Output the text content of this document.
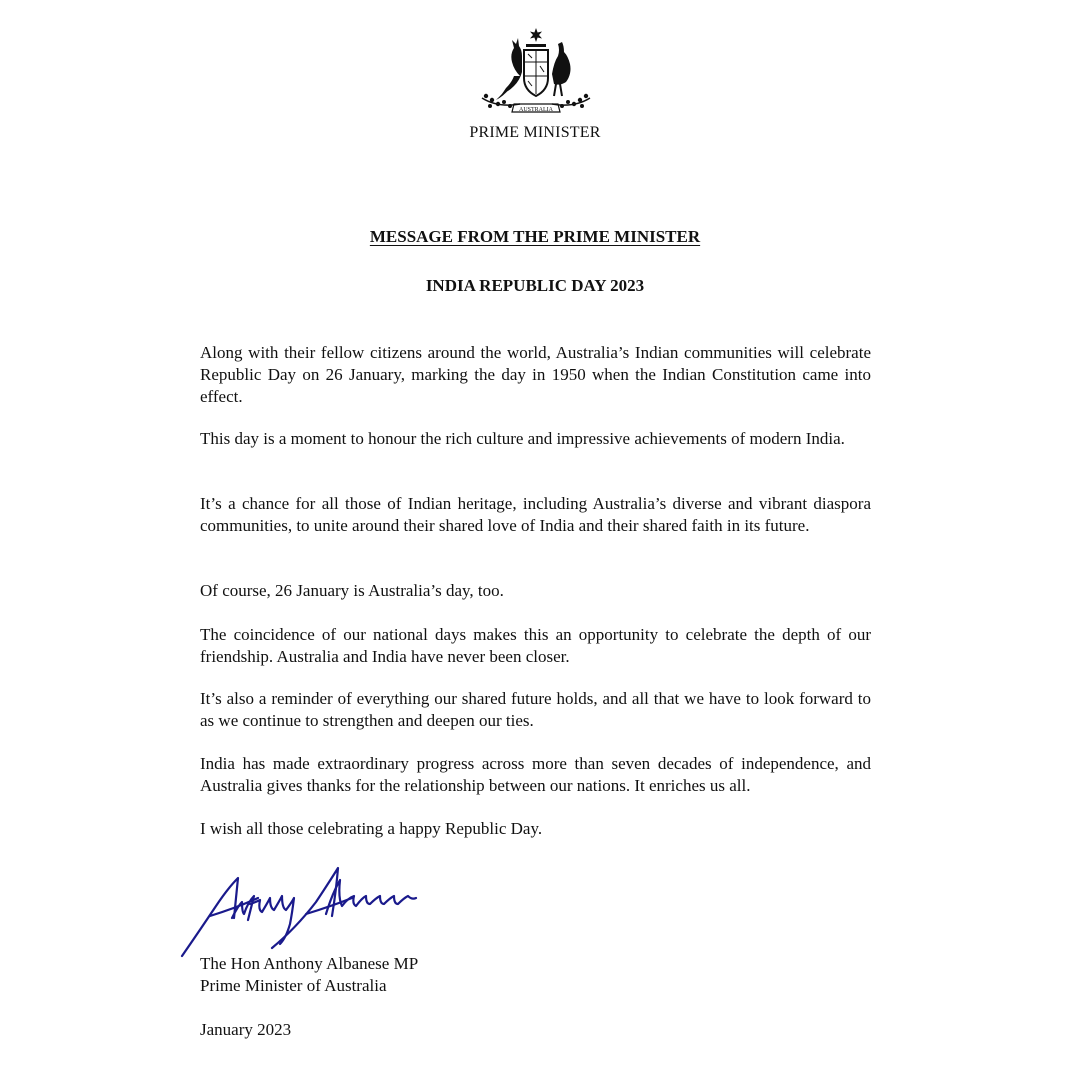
AUSTRALIA
PRIME MINISTER
MESSAGE FROM THE PRIME MINISTER
INDIA REPUBLIC DAY 2023

Along with their fellow citizens around the world, Australia’s Indian communities will celebrate Republic Day on 26 January, marking the day in 1950 when the Indian Constitution came into effect.

This day is a moment to honour the rich culture and impressive achievements of modern India.

It’s a chance for all those of Indian heritage, including Australia’s diverse and vibrant diaspora communities, to unite around their shared love of India and their shared faith in its future.

Of course, 26 January is Australia’s day, too.

The coincidence of our national days makes this an opportunity to celebrate the depth of our friendship. Australia and India have never been closer.

It’s also a reminder of everything our shared future holds, and all that we have to look forward to as we continue to strengthen and deepen our ties.

India has made extraordinary progress across more than seven decades of independence, and Australia gives thanks for the relationship between our nations. It enriches us all.

I wish all those celebrating a happy Republic Day.

The Hon Anthony Albanese MP
Prime Minister of Australia
January 2023
